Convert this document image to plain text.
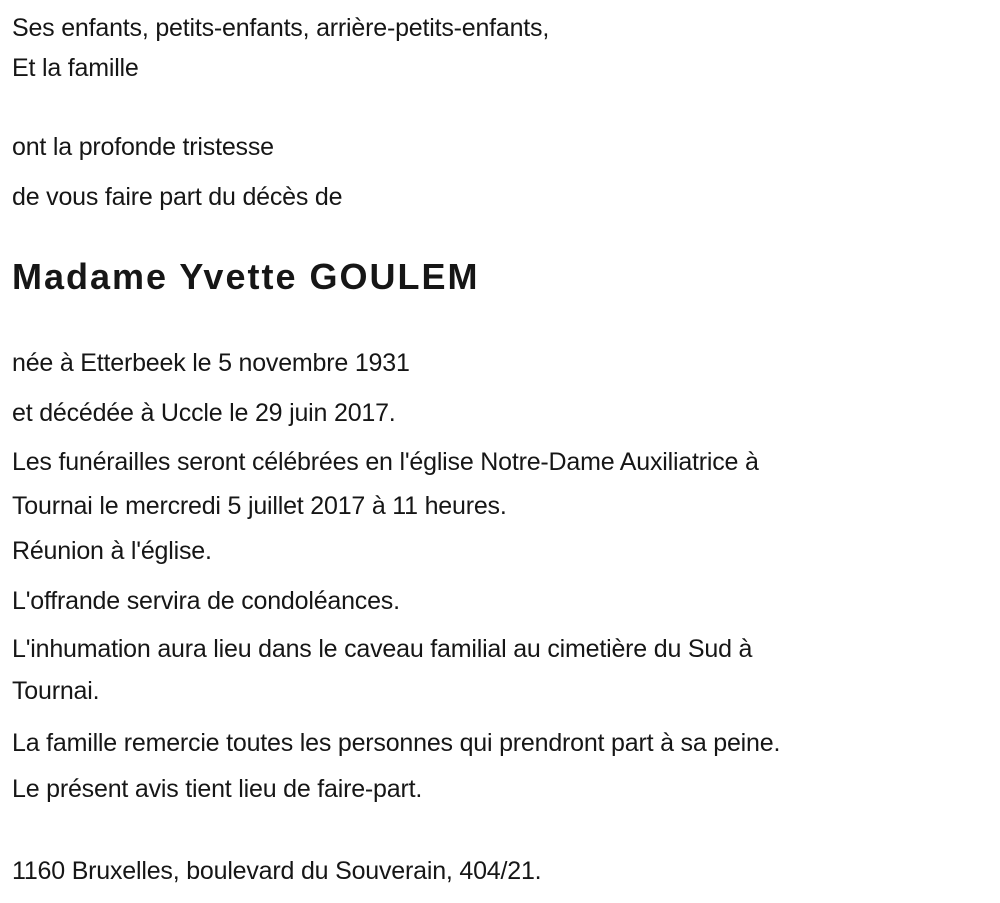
Ses enfants, petits-enfants, arrière-petits-enfants,
Et la famille
ont la profonde tristesse
de vous faire part du décès de
Madame Yvette GOULEM
née à Etterbeek le 5 novembre 1931
et décédée à Uccle le 29 juin 2017.
Les funérailles seront célébrées en l'église Notre-Dame Auxiliatrice à
Tournai le mercredi 5 juillet 2017 à 11 heures.
Réunion à l'église.
L'offrande servira de condoléances.
L'inhumation aura lieu dans le caveau familial au cimetière du Sud à
Tournai.
La famille remercie toutes les personnes qui prendront part à sa peine.
Le présent avis tient lieu de faire-part.
1160 Bruxelles, boulevard du Souverain, 404/21.
